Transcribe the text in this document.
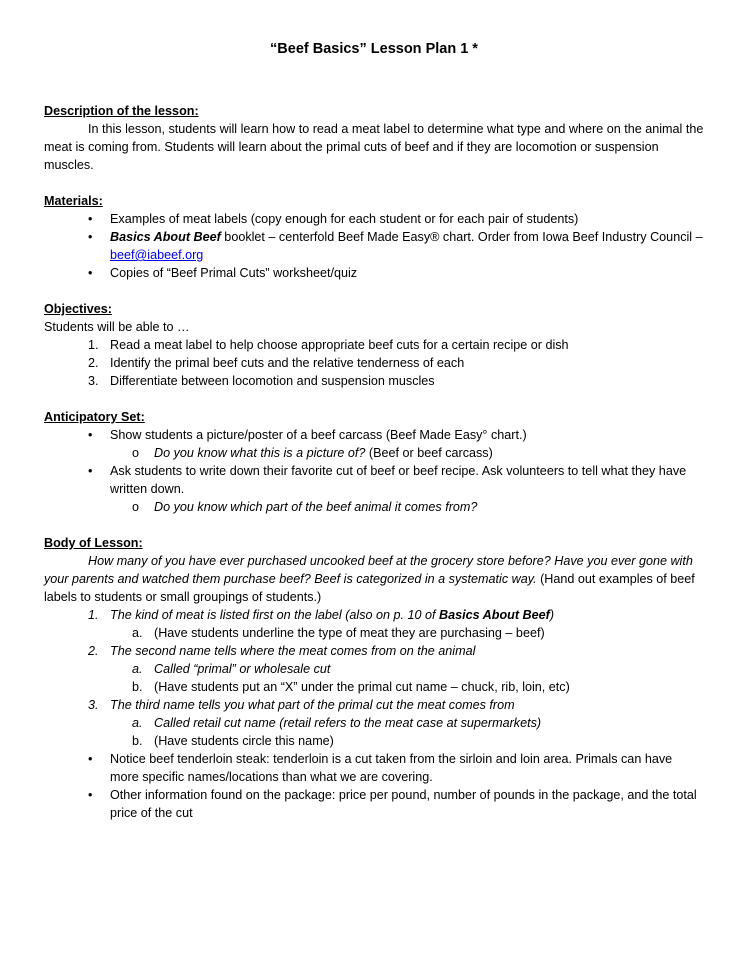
“Beef Basics” Lesson Plan 1 *
Description of the lesson:

In this lesson, students will learn how to read a meat label to determine what type and where on the animal the meat is coming from. Students will learn about the primal cuts of beef and if they are locomotion or suspension muscles.

Materials:
• Examples of meat labels (copy enough for each student or for each pair of students)
• Basics About Beef booklet – centerfold Beef Made Easy® chart. Order from Iowa Beef Industry Council – beef@iabeef.org
• Copies of “Beef Primal Cuts” worksheet/quiz
Objectives:

Students will be able to …

1. Read a meat label to help choose appropriate beef cuts for a certain recipe or dish
2. Identify the primal beef cuts and the relative tenderness of each
3. Differentiate between locomotion and suspension muscles
Anticipatory Set:
• Show students a picture/poster of a beef carcass (Beef Made Easy° chart.)
o Do you know what this is a picture of? (Beef or beef carcass)
• Ask students to write down their favorite cut of beef or beef recipe. Ask volunteers to tell what they have written down.
o Do you know which part of the beef animal it comes from?
Body of Lesson:

How many of you have ever purchased uncooked beef at the grocery store before? Have you ever gone with your parents and watched them purchase beef? Beef is categorized in a systematic way. (Hand out examples of beef labels to students or small groupings of students.)

1. The kind of meat is listed first on the label (also on p. 10 of Basics About Beef)
a. (Have students underline the type of meat they are purchasing – beef)
2. The second name tells where the meat comes from on the animal
a. Called “primal” or wholesale cut
b. (Have students put an “X” under the primal cut name – chuck, rib, loin, etc)
3. The third name tells you what part of the primal cut the meat comes from
a. Called retail cut name (retail refers to the meat case at supermarkets)
b. (Have students circle this name)
• Notice beef tenderloin steak: tenderloin is a cut taken from the sirloin and loin area. Primals can have more specific names/locations than what we are covering.
• Other information found on the package: price per pound, number of pounds in the package, and the total price of the cut
